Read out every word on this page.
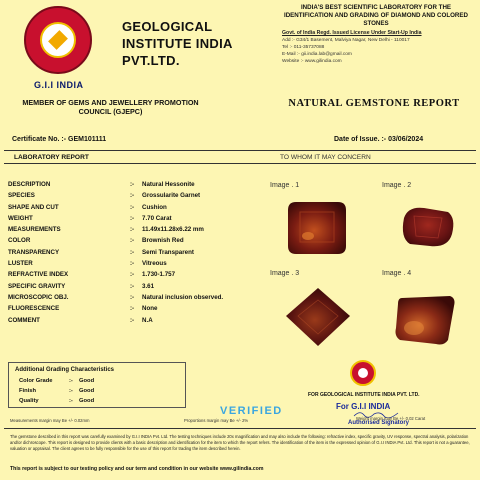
G.I.I INDIA
GEOLOGICAL INSTITUTE INDIA PVT.LTD.
MEMBER OF GEMS AND JEWELLERY PROMOTION COUNCIL (GJEPC)
INDIA'S BEST SCIENTIFIC LABORATORY FOR THE IDENTIFICATION AND GRADING OF DIAMOND AND COLORED STONES
Govt. of India Regd. Issued License Under Start-Up India
Add :- G34/1 Basement, Malviya Nagar, New Delhi - 110017
Tel :- 011-35737088
E-Mail :- gii.india.lab@gmail.com
Website :- www.gilindia.com
NATURAL GEMSTONE REPORT
Certificate No. :- GEM101111	Date of Issue. :- 03/06/2024
LABORATORY REPORT	TO WHOM IT MAY CONCERN
DESCRIPTION	:- Natural Hessonite
SPECIES	:- Grossularite Garnet
SHAPE AND CUT	:- Cushion
WEIGHT	:- 7.70 Carat
MEASUREMENTS	:- 11.49x11.28x6.22 mm
COLOR	:- Brownish Red
TRANSPARENCY	:- Semi Transparent
LUSTER	:- Vitreous
REFRACTIVE INDEX	:- 1.730-1.757
SPECIFIC GRAVITY	:- 3.61
MICROSCOPIC OBJ.	:- Natural inclusion observed.
FLUORESCENCE	:- None
COMMENT	:- N.A
Image . 1	Image . 2
Image . 3	Image . 4
Additional Grading Characteristics
Color Grade	:- Good
Finish	:- Good
Quality	:- Good
FOR GEOLOGICAL INSTITUTE INDIA PVT. LTD.
VERIFIED	For G.I.I INDIA
Authorised Signatory
Measurements margin may Be +/- 0.02mm	Proportions margin may Be +/- 2%	Weight margin may Be +/- 0.02 Carat
The gemstone described in this report was carefully examined by G.I.I INDIA Pvt. Ltd. The testing techniques include 20x magnification and may also include the following: refractive index, specific gravity, UV response, spectral analysis, polarization and/or dichroscope. This report is designed to provide clients with a basic description and identification for the item to which the report refers. The identification of the item is the expressed opinion of G.I.I INDIA Pvt. Ltd. This report is not a guarantee, valuation or appraisal. The client agrees to be fully responsible for the use of this report for trading the item described herein.
This report is subject to our testing policy and our term and condition in our website www.gilindia.com
